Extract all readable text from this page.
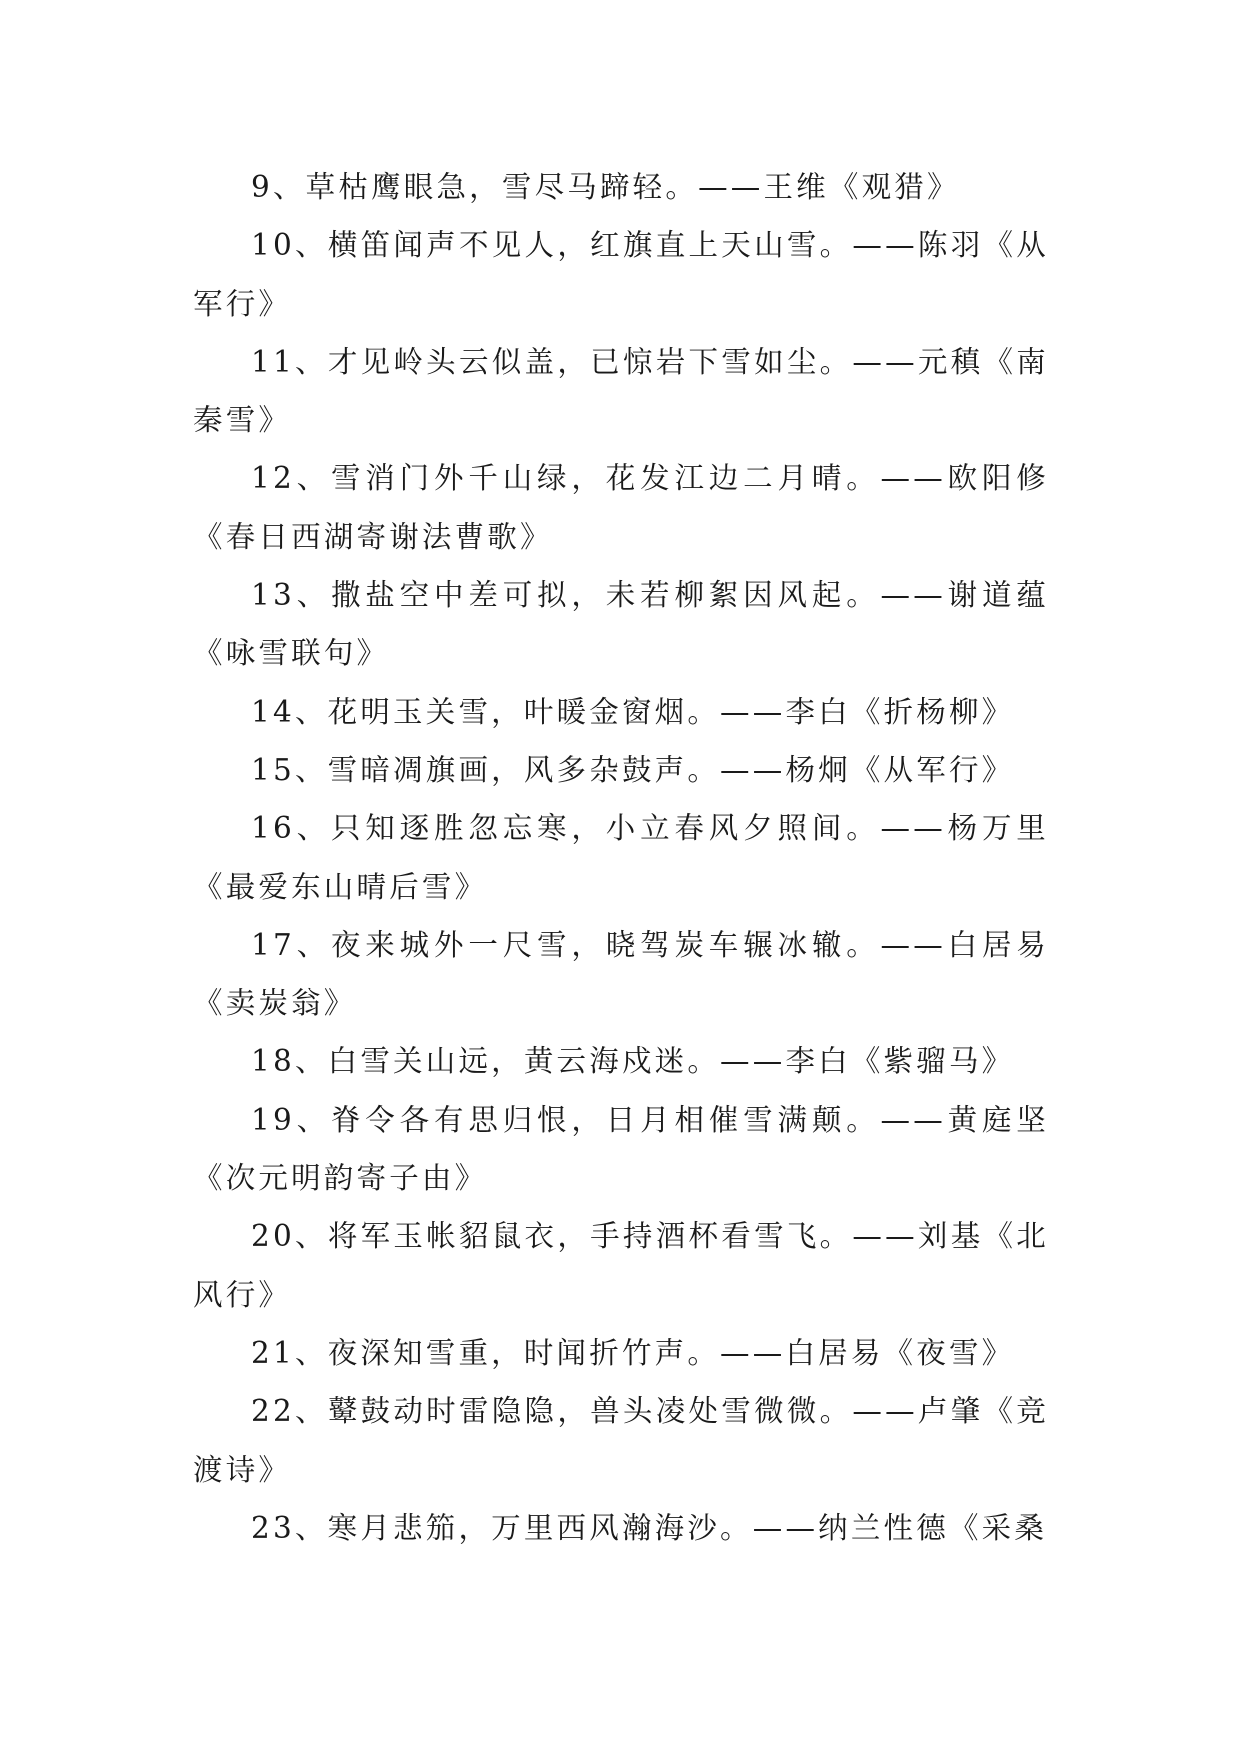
9、草枯鹰眼急，雪尽马蹄轻。——王维《观猎》

10、横笛闻声不见人，红旗直上天山雪。——陈羽《从军行》

11、才见岭头云似盖，已惊岩下雪如尘。——元稹《南秦雪》

12、雪消门外千山绿，花发江边二月晴。——欧阳修《春日西湖寄谢法曹歌》

13、撒盐空中差可拟，未若柳絮因风起。——谢道蕴《咏雪联句》

14、花明玉关雪，叶暖金窗烟。——李白《折杨柳》

15、雪暗凋旗画，风多杂鼓声。——杨炯《从军行》

16、只知逐胜忽忘寒，小立春风夕照间。——杨万里《最爱东山晴后雪》

17、夜来城外一尺雪，晓驾炭车辗冰辙。——白居易《卖炭翁》

18、白雪关山远，黄云海戍迷。——李白《紫骝马》

19、脊令各有思归恨，日月相催雪满颠。——黄庭坚《次元明韵寄子由》

20、将军玉帐貂鼠衣，手持酒杯看雪飞。——刘基《北风行》

21、夜深知雪重，时闻折竹声。——白居易《夜雪》

22、鼙鼓动时雷隐隐，兽头凌处雪微微。——卢肇《竞渡诗》

23、寒月悲笳，万里西风瀚海沙。——纳兰性德《采桑
